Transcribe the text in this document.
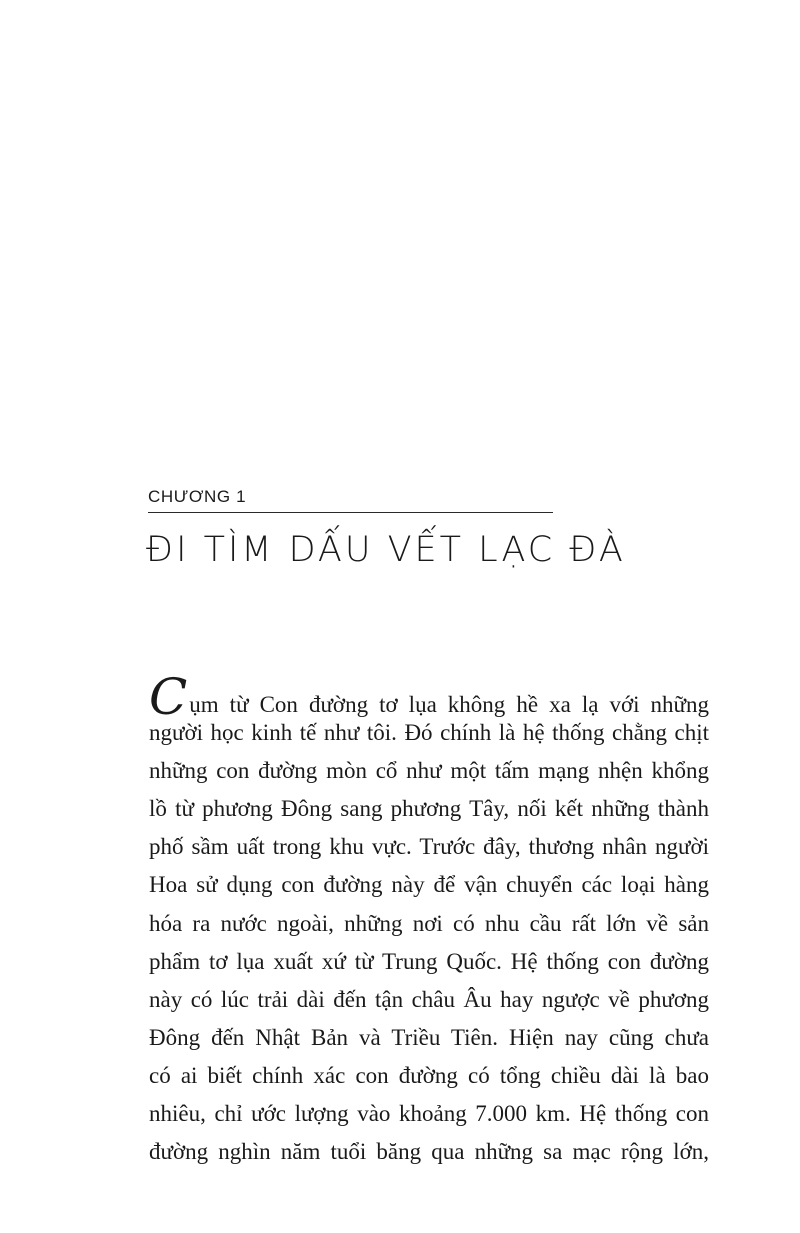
CHƯƠNG 1
ĐI TÌM DẤU VẾT LẠC ĐÀ
C ụm từ Con đường tơ lụa không hề xa lạ với những
người học kinh tế như tôi. Đó chính là hệ thống chằng chịt
những con đường mòn cổ như một tấm mạng nhện khổng
lồ từ phương Đông sang phương Tây, nối kết những thành
phố sầm uất trong khu vực. Trước đây, thương nhân người
Hoa sử dụng con đường này để vận chuyển các loại hàng
hóa ra nước ngoài, những nơi có nhu cầu rất lớn về sản
phẩm tơ lụa xuất xứ từ Trung Quốc. Hệ thống con đường
này có lúc trải dài đến tận châu Âu hay ngược về phương
Đông đến Nhật Bản và Triều Tiên. Hiện nay cũng chưa
có ai biết chính xác con đường có tổng chiều dài là bao
nhiêu, chỉ ước lượng vào khoảng 7.000 km. Hệ thống con
đường nghìn năm tuổi băng qua những sa mạc rộng lớn,
